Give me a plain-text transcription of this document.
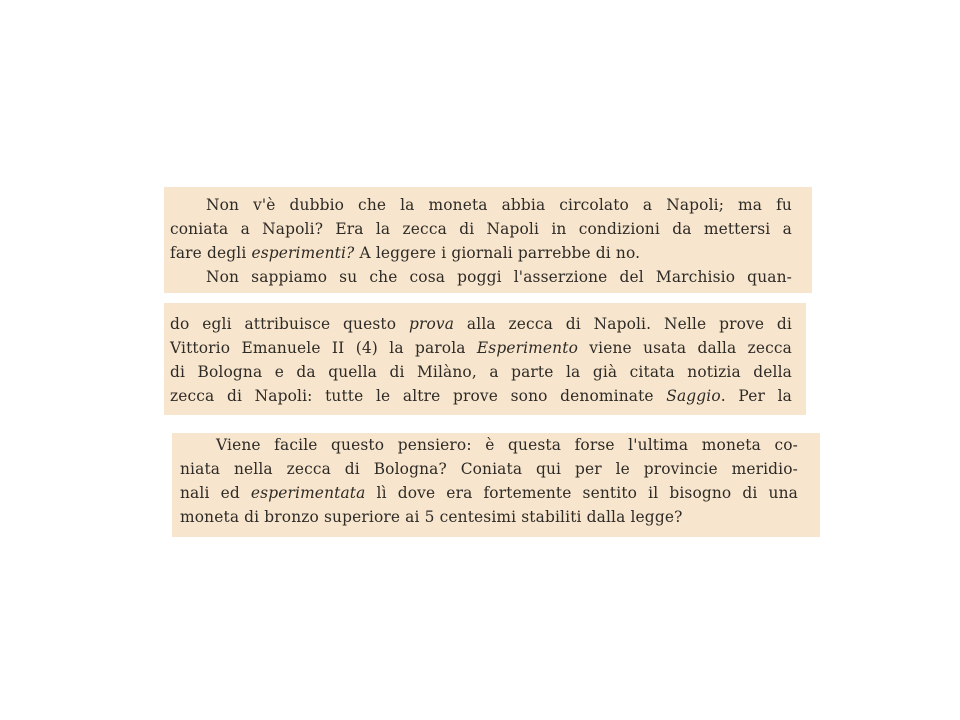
Non v'è dubbio che la moneta abbia circolato a Napoli; ma fu
coniata a Napoli? Era la zecca di Napoli in condizioni da mettersi a
fare degli esperimenti? A leggere i giornali parrebbe di no.
Non sappiamo su che cosa poggi l'asserzione del Marchisio quan-
do egli attribuisce questo prova alla zecca di Napoli. Nelle prove di
Vittorio Emanuele II (4) la parola Esperimento viene usata dalla zecca
di Bologna e da quella di Milàno, a parte la già citata notizia della
zecca di Napoli: tutte le altre prove sono denominate Saggio. Per la
Viene facile questo pensiero: è questa forse l'ultima moneta co-
niata nella zecca di Bologna? Coniata qui per le provincie meridio-
nali ed esperimentata lì dove era fortemente sentito il bisogno di una
moneta di bronzo superiore ai 5 centesimi stabiliti dalla legge?
